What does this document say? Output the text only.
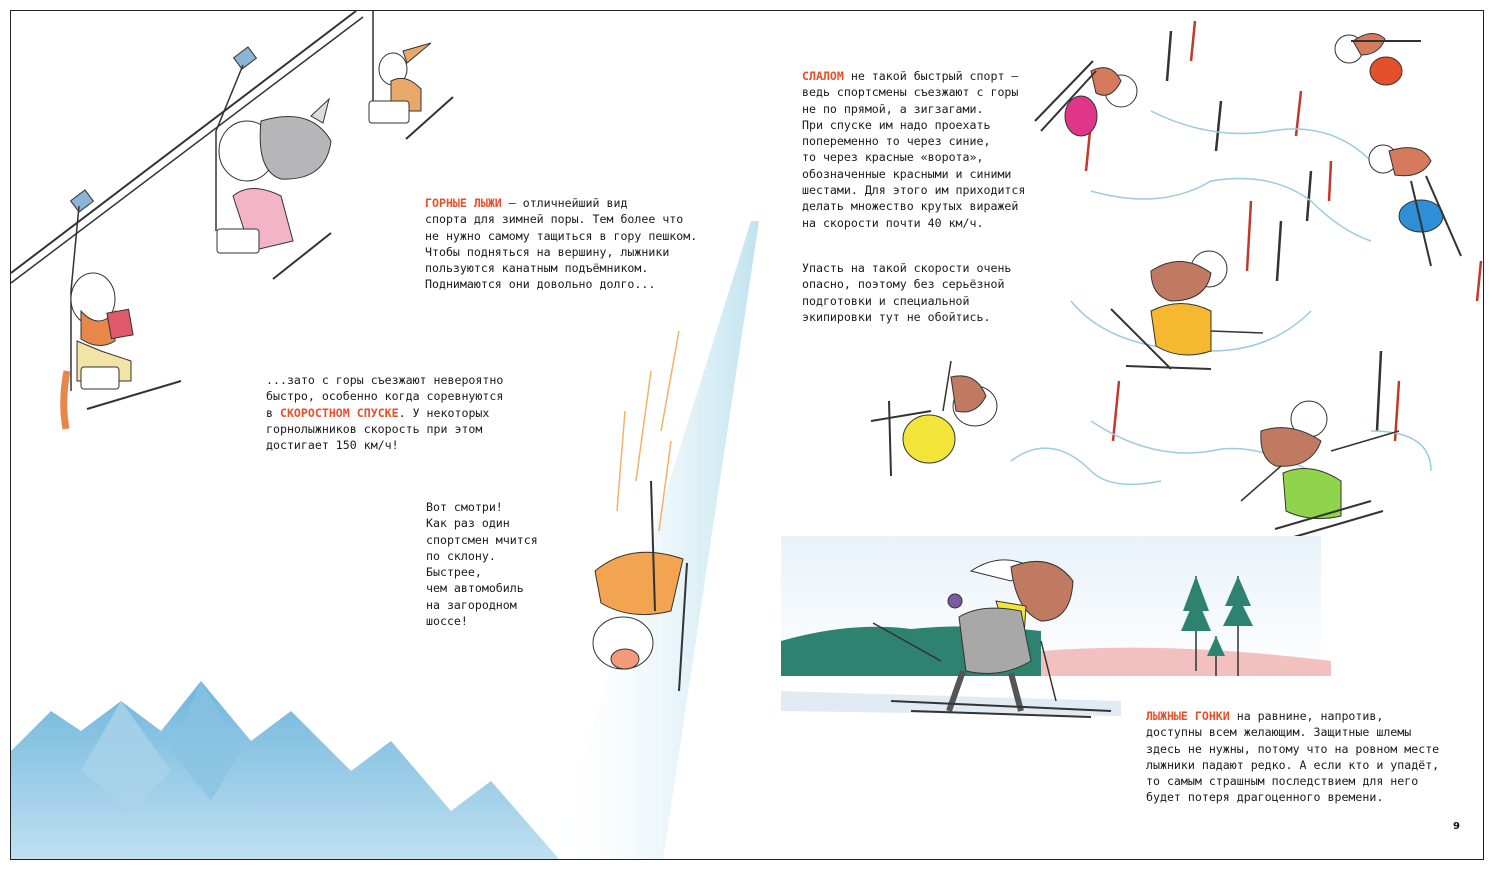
ГОРНЫЕ ЛЫЖИ — отличнейший вид
спорта для зимней поры. Тем более что
не нужно самому тащиться в гору пешком.
Чтобы подняться на вершину, лыжники
пользуются канатным подъёмником.
Поднимаются они довольно долго...

...зато с горы съезжают невероятно
быстро, особенно когда соревнуются
в СКОРОСТНОМ СПУСКЕ. У некоторых
горнолыжников скорость при этом
достигает 150 км/ч!

Вот смотри!
Как раз один
спортсмен мчится
по склону.
Быстрее,
чем автомобиль
на загородном
шоссе!

СЛАЛОМ не такой быстрый спорт —
ведь спортсмены съезжают с горы
не по прямой, а зигзагами.
При спуске им надо проехать
попеременно то через синие,
то через красные «ворота»,
обозначенные красными и синими
шестами. Для этого им приходится
делать множество крутых виражей
на скорости почти 40 км/ч.

Упасть на такой скорости очень
опасно, поэтому без серьёзной
подготовки и специальной
экипировки тут не обойтись.

ЛЫЖНЫЕ ГОНКИ на равнине, напротив,
доступны всем желающим. Защитные шлемы
здесь не нужны, потому что на ровном месте
лыжники падают редко. А если кто и упадёт,
то самым страшным последствием для него
будет потеря драгоценного времени.

9
